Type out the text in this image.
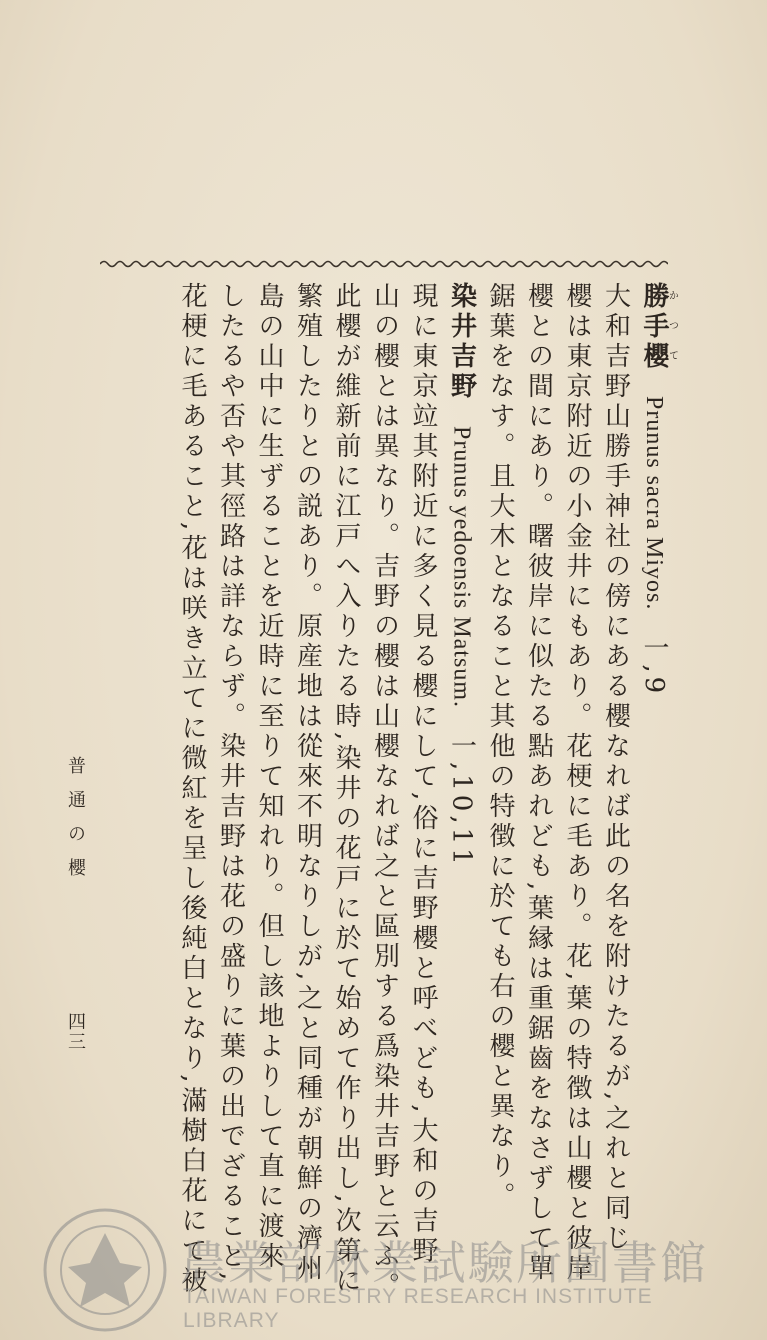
勝手櫻かつてPrunus sacra Miyos.一,9
大和吉野山勝手神社の傍にある櫻なれば此の名を附けたるが,之れと同じ
櫻は東京附近の小金井にもあり。花梗に毛あり。花,葉の特徴は山櫻と彼岸
櫻との間にあり。曙彼岸に似たる點あれども,葉縁は重鋸齒をなさずして單
鋸葉をなす。且大木となること其他の特徴に於ても右の櫻と異なり。
染井吉野Prunus yedoensis Matsum.一,10,11
現に東京竝其附近に多く見る櫻にして,俗に吉野櫻と呼べども,大和の吉野
山の櫻とは異なり。吉野の櫻は山櫻なれば之と區別する爲染井吉野と云ふ。
此櫻が維新前に江戸へ入りたる時,染井の花戸に於て始めて作り出し,次第に
繁殖したりとの説あり。原産地は從來不明なりしが,之と同種が朝鮮の濟州
島の山中に生ずることを近時に至りて知れり。但し該地よりして直に渡來
したるや否や其徑路は詳ならず。染井吉野は花の盛りに葉の出でざること,
花梗に毛あること,花は咲き立てに微紅を呈し後純白となり,滿樹白花にて被
普通の櫻
四三
農業部林業試驗所圖書館
TAIWAN FORESTRY RESEARCH INSTITUTE LIBRARY
